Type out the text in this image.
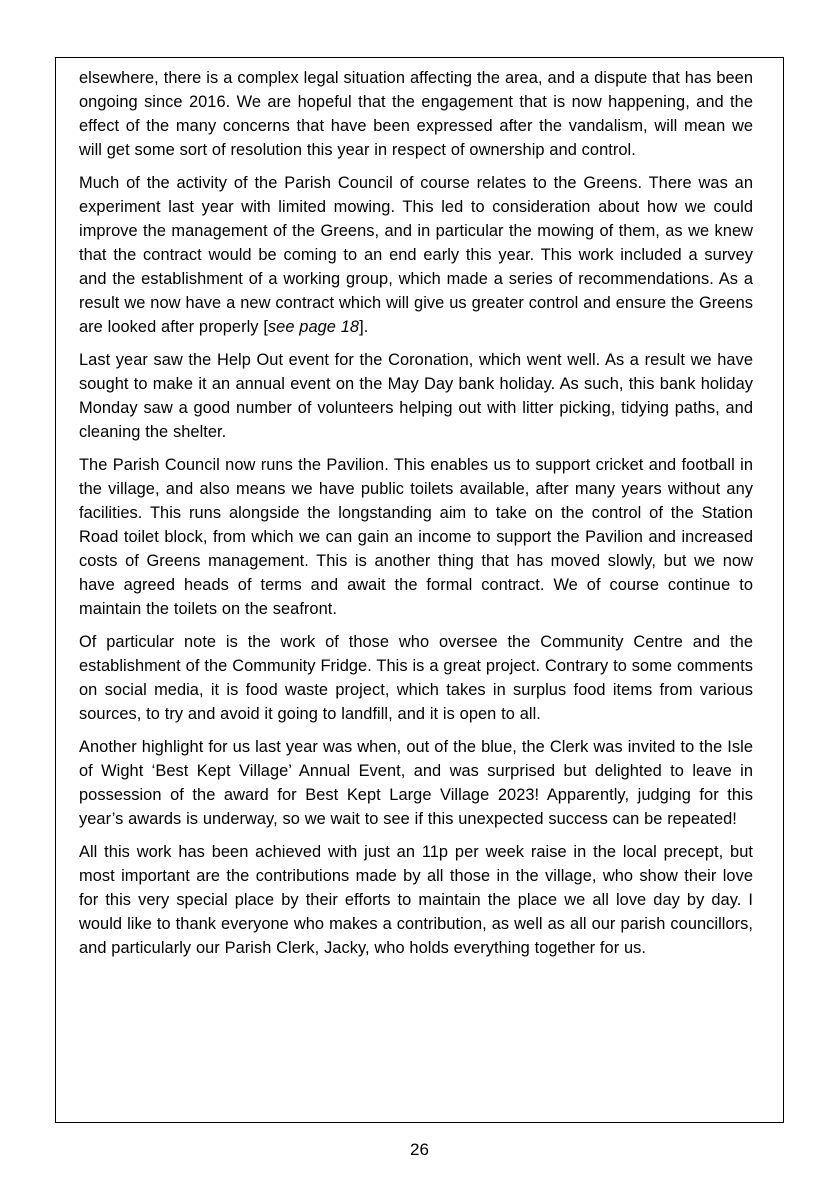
elsewhere, there is a complex legal situation affecting the area, and a dispute that has been ongoing since 2016. We are hopeful that the engagement that is now happening, and the effect of the many concerns that have been expressed after the vandalism, will mean we will get some sort of resolution this year in respect of ownership and control.

Much of the activity of the Parish Council of course relates to the Greens. There was an experiment last year with limited mowing. This led to consideration about how we could improve the management of the Greens, and in particular the mowing of them, as we knew that the contract would be coming to an end early this year. This work included a survey and the establishment of a working group, which made a series of recommendations. As a result we now have a new contract which will give us greater control and ensure the Greens are looked after properly [see page 18].

Last year saw the Help Out event for the Coronation, which went well. As a result we have sought to make it an annual event on the May Day bank holiday. As such, this bank holiday Monday saw a good number of volunteers helping out with litter picking, tidying paths, and cleaning the shelter.

The Parish Council now runs the Pavilion. This enables us to support cricket and football in the village, and also means we have public toilets available, after many years without any facilities. This runs alongside the longstanding aim to take on the control of the Station Road toilet block, from which we can gain an income to support the Pavilion and increased costs of Greens management. This is another thing that has moved slowly, but we now have agreed heads of terms and await the formal contract. We of course continue to maintain the toilets on the seafront.

Of particular note is the work of those who oversee the Community Centre and the establishment of the Community Fridge. This is a great project. Contrary to some comments on social media, it is food waste project, which takes in surplus food items from various sources, to try and avoid it going to landfill, and it is open to all.

Another highlight for us last year was when, out of the blue, the Clerk was invited to the Isle of Wight ‘Best Kept Village’ Annual Event, and was surprised but delighted to leave in possession of the award for Best Kept Large Village 2023! Apparently, judging for this year’s awards is underway, so we wait to see if this unexpected success can be repeated!

All this work has been achieved with just an 11p per week raise in the local precept, but most important are the contributions made by all those in the village, who show their love for this very special place by their efforts to maintain the place we all love day by day. I would like to thank everyone who makes a contribution, as well as all our parish councillors, and particularly our Parish Clerk, Jacky, who holds everything together for us.

26
